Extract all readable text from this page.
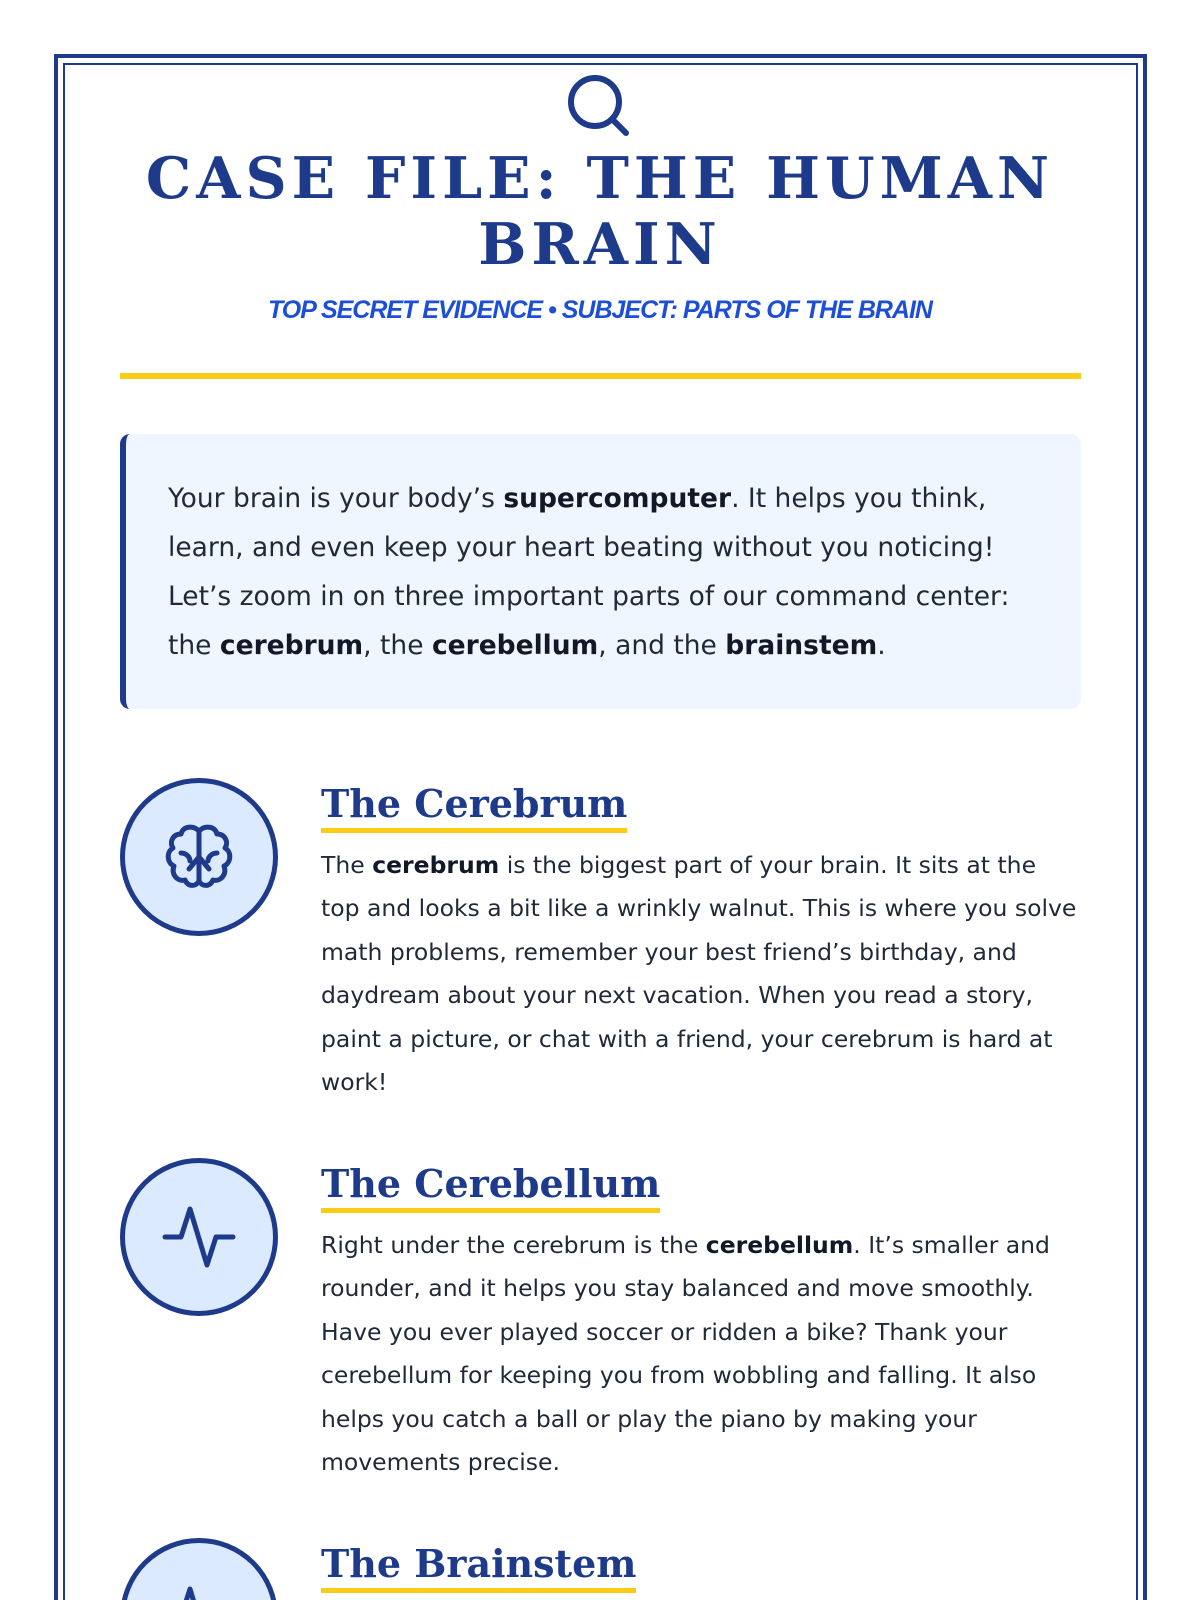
CASE FILE: THE HUMAN BRAIN
TOP SECRET EVIDENCE • SUBJECT: PARTS OF THE BRAIN
Your brain is your body’s supercomputer. It helps you think, learn, and even keep your heart beating without you noticing! Let’s zoom in on three important parts of our command center: the cerebrum, the cerebellum, and the brainstem.
The Cerebrum

The cerebrum is the biggest part of your brain. It sits at the top and looks a bit like a wrinkly walnut. This is where you solve math problems, remember your best friend’s birthday, and daydream about your next vacation. When you read a story, paint a picture, or chat with a friend, your cerebrum is hard at work!

The Cerebellum

Right under the cerebrum is the cerebellum. It’s smaller and rounder, and it helps you stay balanced and move smoothly. Have you ever played soccer or ridden a bike? Thank your cerebellum for keeping you from wobbling and falling. It also helps you catch a ball or play the piano by making your movements precise.

The Brainstem
